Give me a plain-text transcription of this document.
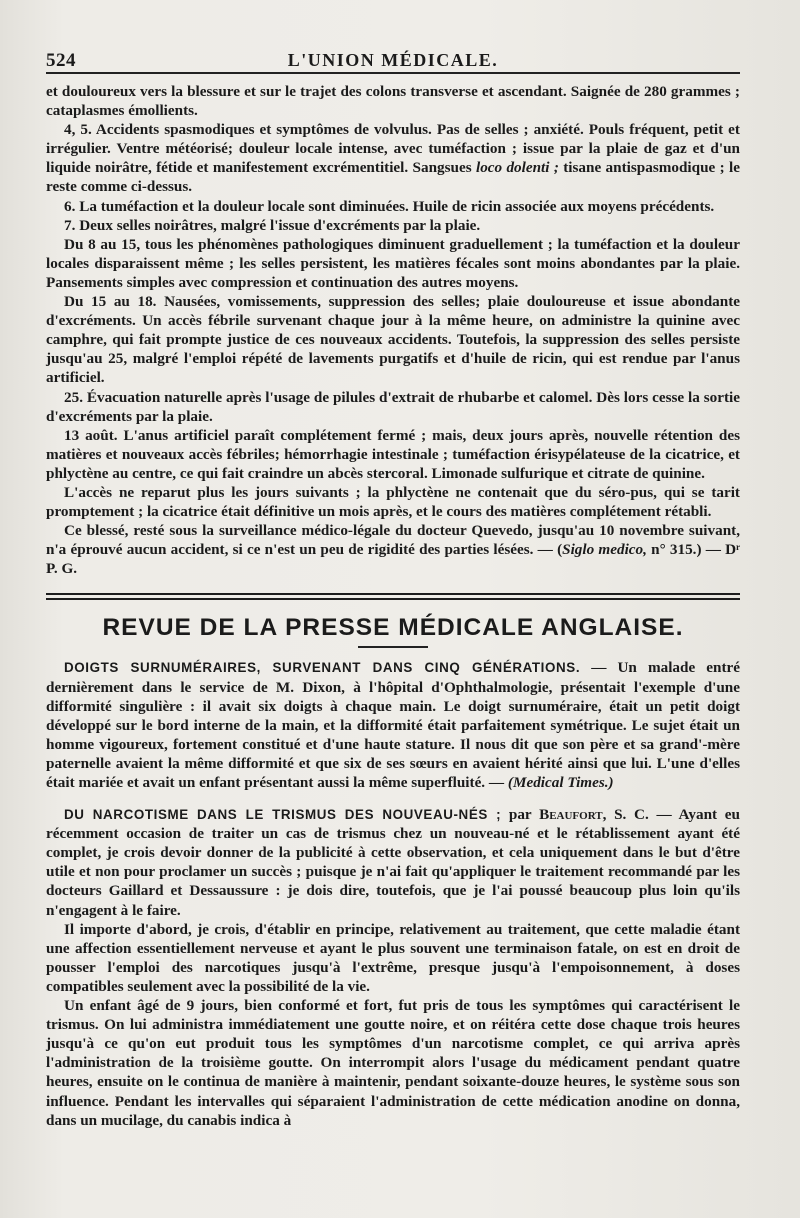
524	L'UNION MÉDICALE.

et douloureux vers la blessure et sur le trajet des colons transverse et ascendant. Saignée de 280 grammes ; cataplasmes émollients.

4, 5. Accidents spasmodiques et symptômes de volvulus. Pas de selles ; anxiété. Pouls fréquent, petit et irrégulier. Ventre météorisé; douleur locale intense, avec tuméfaction ; issue par la plaie de gaz et d'un liquide noirâtre, fétide et manifestement excrémentitiel. Sangsues loco dolenti ; tisane antispasmodique ; le reste comme ci-dessus.

6. La tuméfaction et la douleur locale sont diminuées. Huile de ricin associée aux moyens précédents.

7. Deux selles noirâtres, malgré l'issue d'excréments par la plaie.

Du 8 au 15, tous les phénomènes pathologiques diminuent graduellement ; la tuméfaction et la douleur locales disparaissent même ; les selles persistent, les matières fécales sont moins abondantes par la plaie. Pansements simples avec compression et continuation des autres moyens.

Du 15 au 18. Nausées, vomissements, suppression des selles; plaie douloureuse et issue abondante d'excréments. Un accès fébrile survenant chaque jour à la même heure, on administre la quinine avec camphre, qui fait prompte justice de ces nouveaux accidents. Toutefois, la suppression des selles persiste jusqu'au 25, malgré l'emploi répété de lavements purgatifs et d'huile de ricin, qui est rendue par l'anus artificiel.

25. Évacuation naturelle après l'usage de pilules d'extrait de rhubarbe et calomel. Dès lors cesse la sortie d'excréments par la plaie.

13 août. L'anus artificiel paraît complétement fermé ; mais, deux jours après, nouvelle rétention des matières et nouveaux accès fébriles; hémorrhagie intestinale ; tuméfaction érisypélateuse de la cicatrice, et phlyctène au centre, ce qui fait craindre un abcès stercoral. Limonade sulfurique et citrate de quinine.

L'accès ne reparut plus les jours suivants ; la phlyctène ne contenait que du séro-pus, qui se tarit promptement ; la cicatrice était définitive un mois après, et le cours des matières complétement rétabli.

Ce blessé, resté sous la surveillance médico-légale du docteur Quevedo, jusqu'au 10 novembre suivant, n'a éprouvé aucun accident, si ce n'est un peu de rigidité des parties lésées. — (Siglo medico, n° 315.) — Dʳ P. G.

REVUE DE LA PRESSE MÉDICALE ANGLAISE.

DOIGTS SURNUMÉRAIRES, SURVENANT DANS CINQ GÉNÉRATIONS. — Un malade entré dernièrement dans le service de M. Dixon, à l'hôpital d'Ophthalmologie, présentait l'exemple d'une difformité singulière : il avait six doigts à chaque main. Le doigt surnuméraire, était un petit doigt développé sur le bord interne de la main, et la difformité était parfaitement symétrique. Le sujet était un homme vigoureux, fortement constitué et d'une haute stature. Il nous dit que son père et sa grand'-mère paternelle avaient la même difformité et que six de ses sœurs en avaient hérité ainsi que lui. L'une d'elles était mariée et avait un enfant présentant aussi la même superfluité. — (Medical Times.)

DU NARCOTISME DANS LE TRISMUS DES NOUVEAU-NÉS ; par Beaufort, S. C. — Ayant eu récemment occasion de traiter un cas de trismus chez un nouveau-né et le rétablissement ayant été complet, je crois devoir donner de la publicité à cette observation, et cela uniquement dans le but d'être utile et non pour proclamer un succès ; puisque je n'ai fait qu'appliquer le traitement recommandé par les docteurs Gaillard et Dessaussure : je dois dire, toutefois, que je l'ai poussé beaucoup plus loin qu'ils n'engagent à le faire.

Il importe d'abord, je crois, d'établir en principe, relativement au traitement, que cette maladie étant une affection essentiellement nerveuse et ayant le plus souvent une terminaison fatale, on est en droit de pousser l'emploi des narcotiques jusqu'à l'extrême, presque jusqu'à l'empoisonnement, à doses compatibles seulement avec la possibilité de la vie.

Un enfant âgé de 9 jours, bien conformé et fort, fut pris de tous les symptômes qui caractérisent le trismus. On lui administra immédiatement une goutte noire, et on réitéra cette dose chaque trois heures jusqu'à ce qu'on eut produit tous les symptômes d'un narcotisme complet, ce qui arriva après l'administration de la troisième goutte. On interrompit alors l'usage du médicament pendant quatre heures, ensuite on le continua de manière à maintenir, pendant soixante-douze heures, le système sous son influence. Pendant les intervalles qui séparaient l'administration de cette médication anodine on donna, dans un mucilage, du canabis indica à
